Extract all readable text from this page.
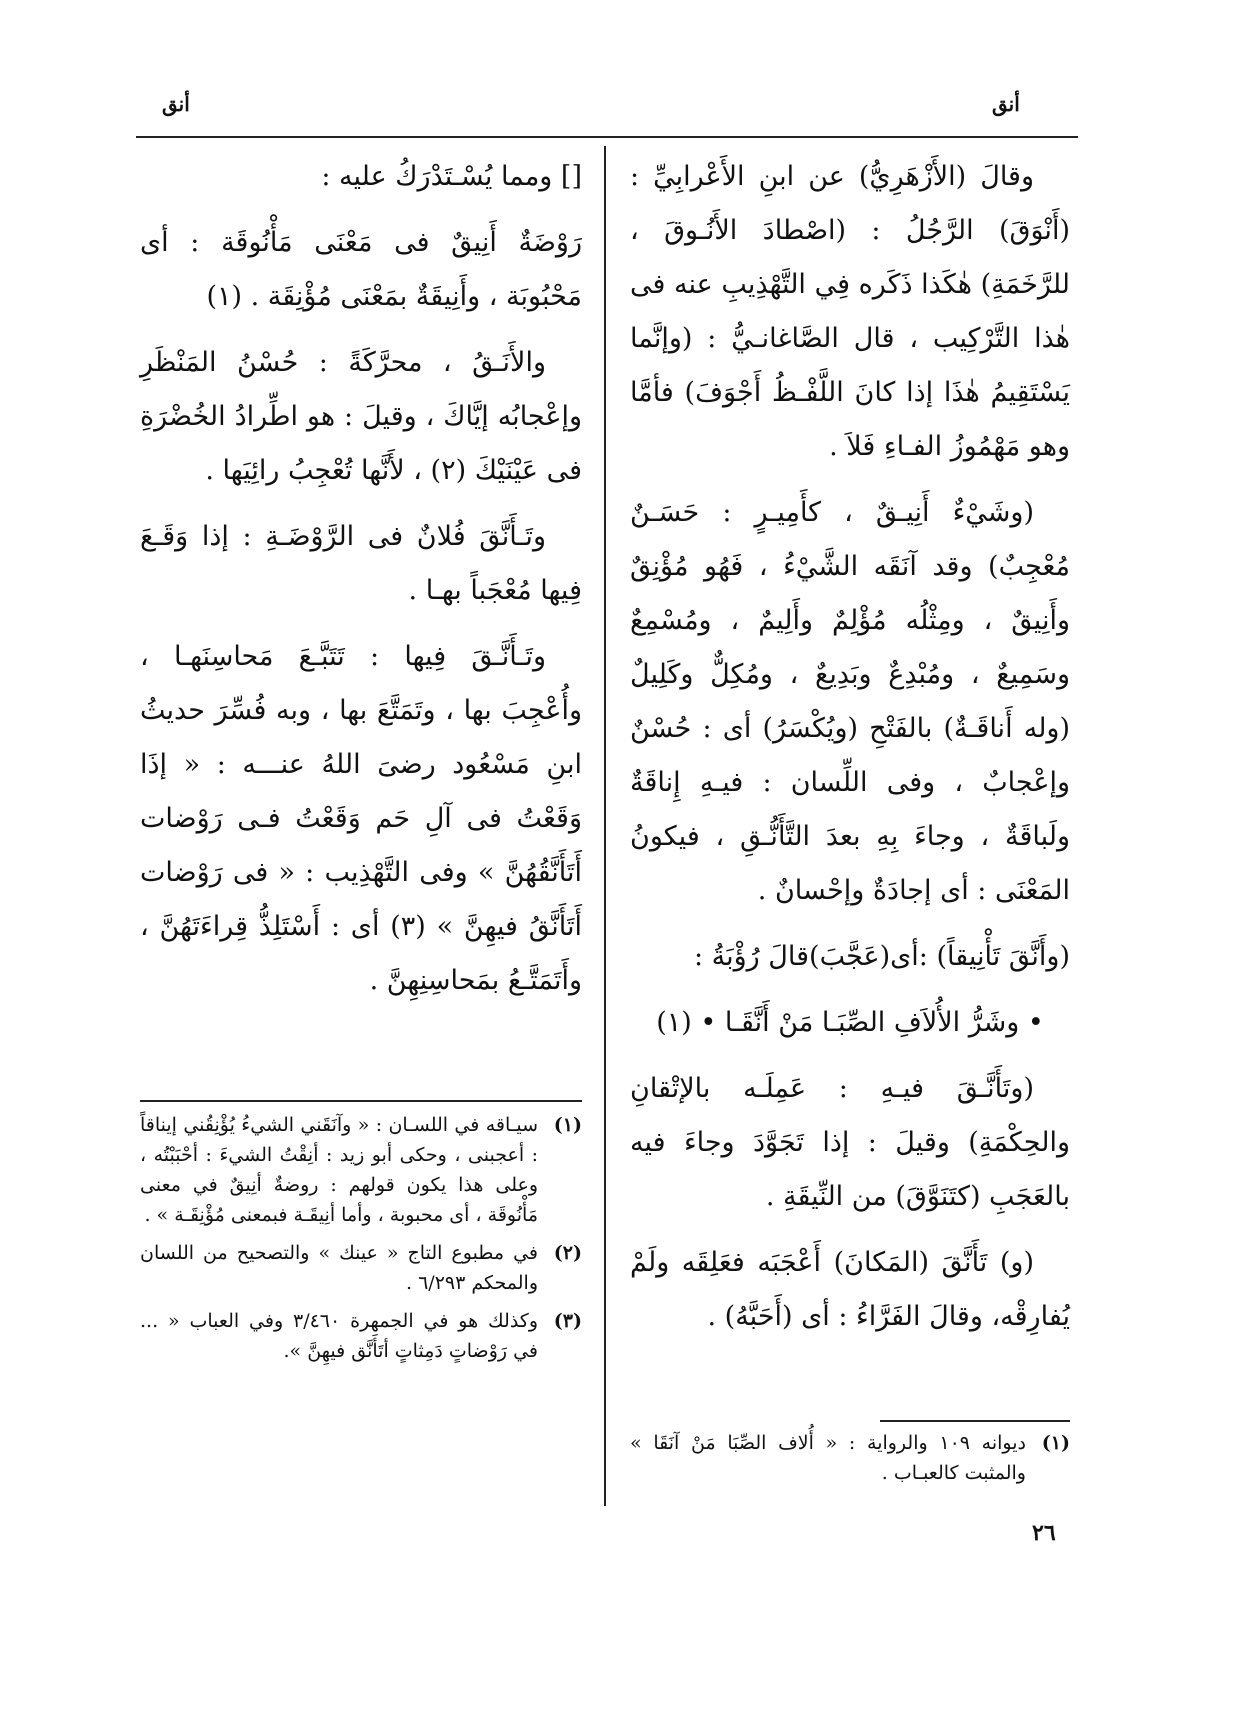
أنق	أنق

وقالَ (الأَزْهَرِيُّ) عن ابنِ الأَعْرابِيِّ : (أَنْوَقَ) الرَّجُلُ : (اصْطادَ الأَنُـوقَ ، للرَّخَمَةِ) هٰكَذا ذَكَره فِي التَّهْذِيبِ عنه فى هٰذا التَّرْكِيب ، قال الصَّاغانـيُّ : (وإنَّما يَسْتَقِيمُ هٰذَا إذا كانَ اللَّفْـظُ أَجْوَفَ) فأمَّا وهو مَهْمُوزُ الفـاءِ فَلاَ .

(وشَيْءٌ أَنِيـقٌ ، كأَمِيـرٍ : حَسَـنٌ مُعْجِبٌ) وقد آنَقَه الشَّيْءُ ، فَهُو مُؤْنِقٌ وأَنِيقٌ ، ومِثْلُه مُؤْلِمٌ وأَلِيمٌ ، ومُسْمِعٌ وسَمِيعٌ ، ومُبْدِعٌ وبَدِيعٌ ، ومُكِلٌّ وكَلِيلٌ (وله أَناقَـةٌ) بالفَتْحِ (ويُكْسَرُ) أى : حُسْنٌ وإعْجابٌ ، وفى اللِّسان : فيـهِ إِناقَةٌ ولَباقَةٌ ، وجاءَ بِهِ بعدَ التَّأَنُّـقِ ، فيكونُ المَعْنَى : أى إجادَةٌ وإحْسانٌ .

(وأَنَّقَ تَأْنِيقاً) :أى(عَجَّبَ)قالَ رُؤْبَةُ :

• وشَرُّ الأُلاَفِ الصِّبَـا مَنْ أَنَّقَـا • (١)

(وتَأَنَّـقَ فيـهِ : عَمِلَـه بالإتْقانِ والحِكْمَةِ) وقيلَ : إذا تَجَوَّدَ وجاءَ فيه بالعَجَبِ (كتَنَوَّقَ) من النِّيقَةِ .

(و) تَأَنَّقَ (المَكانَ) أَعْجَبَه فعَلِقَه ولَمْ يُفارِقْه، وقالَ الفَرَّاءُ : أى (أَحَبَّهُ) .

[] ومما يُسْـتَدْرَكُ عليه :

رَوْضَةٌ أَنِيقٌ فى مَعْنَى مَأْنُوقَة : أى مَحْبُوبَة ، وأَنِيقَةٌ بمَعْنَى مُؤْنِقَة . (١)

والأَنَـقُ ، محرَّكَةً : حُسْنُ المَنْظَرِ وإعْجابُه إيَّاكَ ، وقيلَ : هو اطِّرادُ الخُضْرَةِ فى عَيْنَيْكَ (٢) ، لأَنَّها تُعْجِبُ رائِيَها .

وتَـأَنَّقَ فُلانٌ فى الرَّوْضَـةِ : إذا وَقَـعَ فِيها مُعْجَباً بهـا .

وتَـأَنَّـقَ فِيها : تَتَبَّـعَ مَحاسِنَهـا ، وأُعْجِبَ بها ، وتَمَتَّعَ بها ، وبه فُسِّرَ حديثُ ابنِ مَسْعُود رضىَ اللهُ عنـــه : « إذَا وَقَعْتُ فى آلِ حَم وَقَعْتُ فـى رَوْضات أَتَأَنَّقُهُنَّ » وفى التَّهْذِيب : « فى رَوْضات أَتَأَنَّقُ فيهِنَّ » (٣) أى : أَسْتَلِذُّ قِراءَتَهُنَّ ، وأَتَمَتَّـعُ بمَحاسِنِهِنَّ .

(١)
سيـاقه في اللسـان : « وآنَقَني الشيءُ يُؤْنِقُني إيناقاً : أعجبنى ، وحكى أبو زيد : أنِقْتُ الشيءَ : أحْبَبْتُه ، وعلى هذا يكون قولهم : روضةٌ أنِيقٌ في معنى مَأْنُوقَة ، أى محبوبة ، وأما أنِيقَـة فبمعنى مُؤْنِقَـة » .
(٢)
في مطبوع التاج « عينك » والتصحيح من اللسان والمحكم ٦/٢٩٣ .
(٣)
وكذلك هو في الجمهرة ٣/٤٦٠ وفي العباب « ... في رَوْضاتٍ دَمِثاتٍ أتَأَنَّق فيهِنَّ ».
(١)
ديوانه ١٠٩ والرواية : « أُلاف الصِّبَا مَنْ آنَقَا » والمثبت كالعبـاب .
٢٦
